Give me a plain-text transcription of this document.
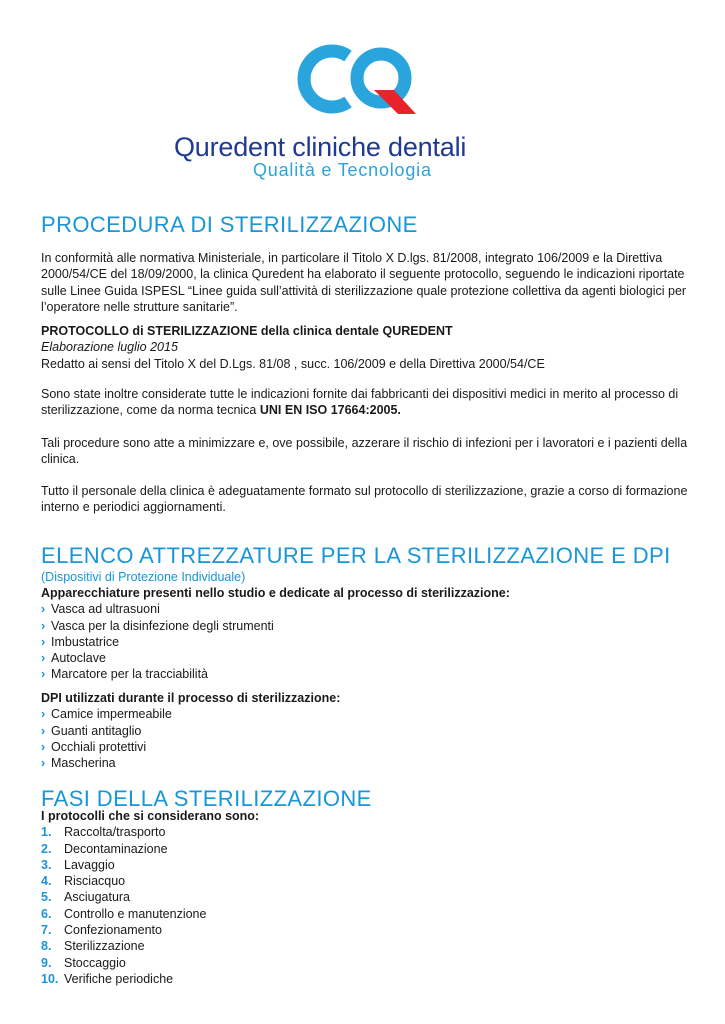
Quredent cliniche dentali
Qualità e Tecnologia
PROCEDURA DI STERILIZZAZIONE
In conformità alle normativa Ministeriale, in particolare il Titolo X D.lgs. 81/2008, integrato 106/2009 e la Direttiva
2000/54/CE del 18/09/2000, la clinica Quredent ha elaborato il seguente protocollo, seguendo le indicazioni riportate
sulle Linee Guida ISPESL “Linee guida sull’attività di sterilizzazione quale protezione collettiva da agenti biologici per
l’operatore nelle strutture sanitarie”.
PROTOCOLLO di STERILIZZAZIONE della clinica dentale QUREDENT
Elaborazione luglio 2015
Redatto ai sensi del Titolo X del D.Lgs. 81/08 , succ. 106/2009 e della Direttiva 2000/54/CE
Sono state inoltre considerate tutte le indicazioni fornite dai fabbricanti dei dispositivi medici in merito al processo di
sterilizzazione, come da norma tecnica UNI EN ISO 17664:2005.
Tali procedure sono atte a minimizzare e, ove possibile, azzerare il rischio di infezioni per i lavoratori e i pazienti della
clinica.
Tutto il personale della clinica è adeguatamente formato sul protocollo di sterilizzazione, grazie a corso di formazione
interno e periodici aggiornamenti.
ELENCO ATTREZZATURE PER LA STERILIZZAZIONE E DPI
(Dispositivi di Protezione Individuale)
Apparecchiature presenti nello studio e dedicate al processo di sterilizzazione:
› Vasca ad ultrasuoni
› Vasca per la disinfezione degli strumenti
› Imbustatrice
› Autoclave
› Marcatore per la tracciabilità
DPI utilizzati durante il processo di sterilizzazione:
› Camice impermeabile
› Guanti antitaglio
› Occhiali protettivi
› Mascherina
FASI DELLA STERILIZZAZIONE
I protocolli che si considerano sono:
1. Raccolta/trasporto
2. Decontaminazione
3. Lavaggio
4. Risciacquo
5. Asciugatura
6. Controllo e manutenzione
7. Confezionamento
8. Sterilizzazione
9. Stoccaggio
10. Verifiche periodiche
